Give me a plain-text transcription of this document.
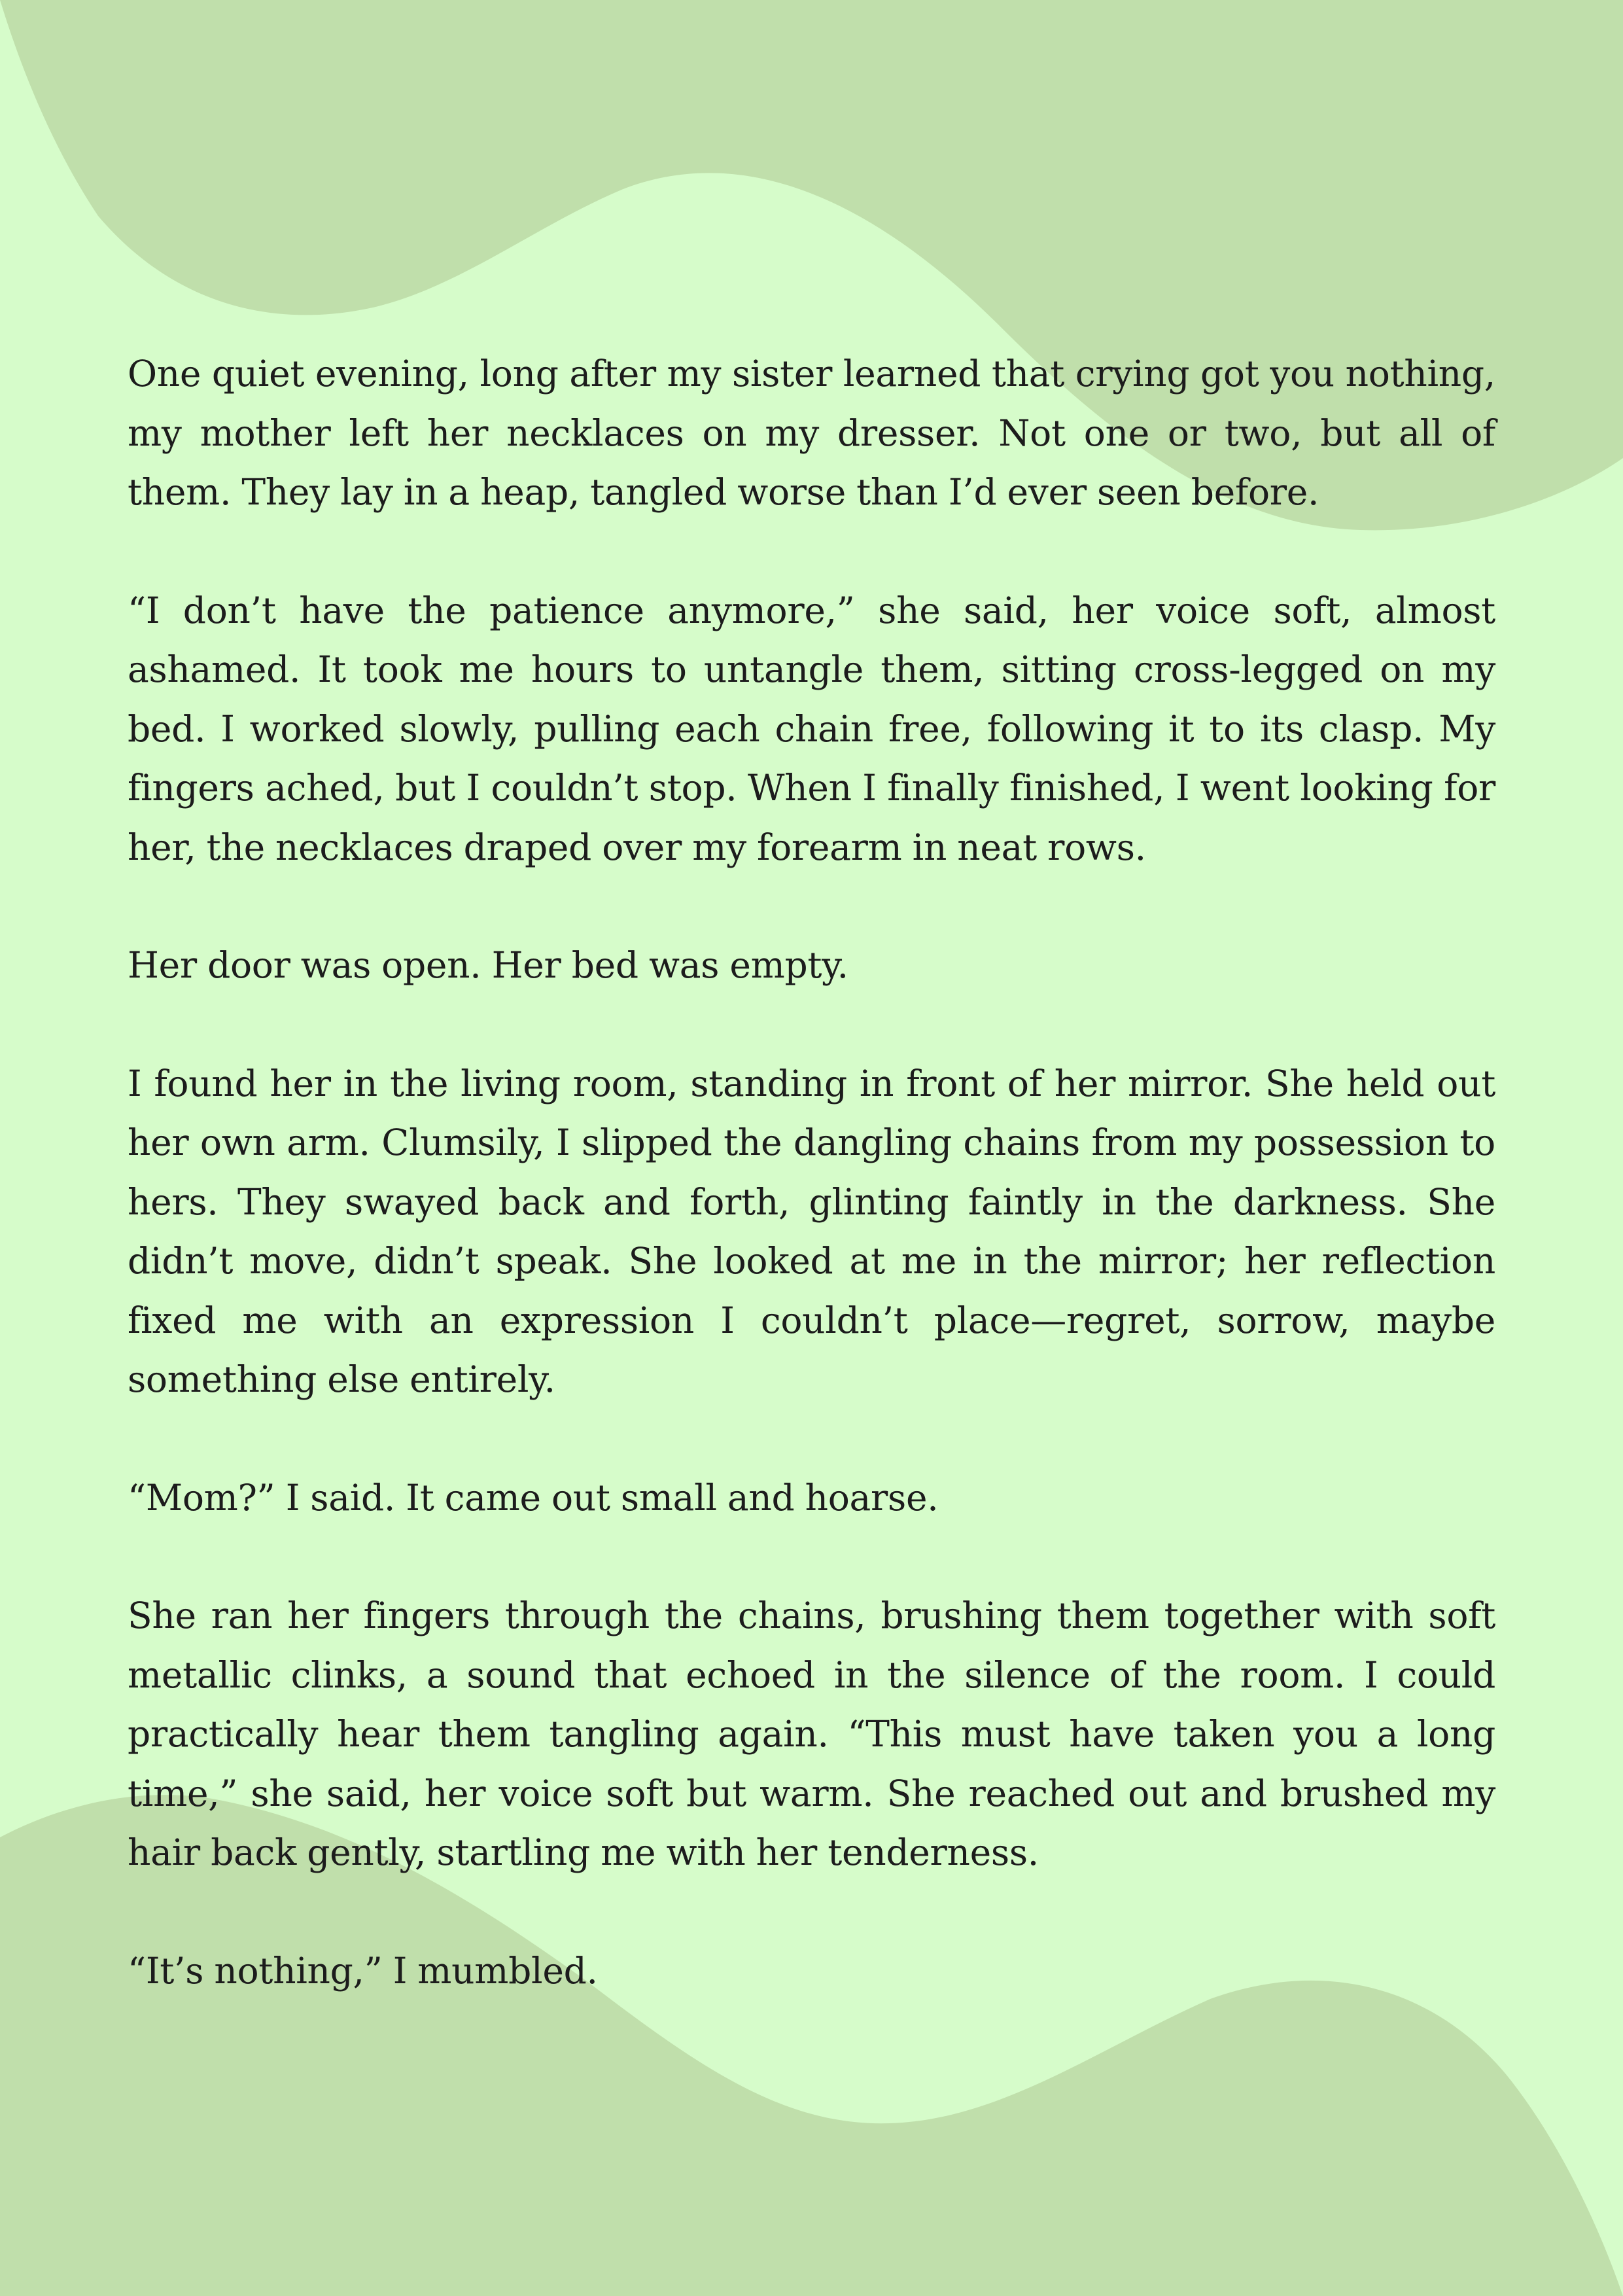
One quiet evening, long after my sister learned that crying got you nothing, my mother left her necklaces on my dresser. Not one or two, but all of them. They lay in a heap, tangled worse than I’d ever seen before.

“I don’t have the patience anymore,” she said, her voice soft, almost ashamed. It took me hours to untangle them, sitting cross-legged on my bed. I worked slowly, pulling each chain free, following it to its clasp. My fingers ached, but I couldn’t stop. When I finally finished, I went looking for her, the necklaces draped over my forearm in neat rows.

Her door was open. Her bed was empty.

I found her in the living room, standing in front of her mirror. She held out her own arm. Clumsily, I slipped the dangling chains from my possession to hers. They swayed back and forth, glinting faintly in the darkness. She didn’t move, didn’t speak. She looked at me in the mirror; her reflection fixed me with an expression I couldn’t place—regret, sorrow, maybe something else entirely.

“Mom?” I said. It came out small and hoarse.

She ran her fingers through the chains, brushing them together with soft metallic clinks, a sound that echoed in the silence of the room. I could practically hear them tangling again. “This must have taken you a long time,” she said, her voice soft but warm. She reached out and brushed my hair back gently, startling me with her tenderness.

“It’s nothing,” I mumbled.
